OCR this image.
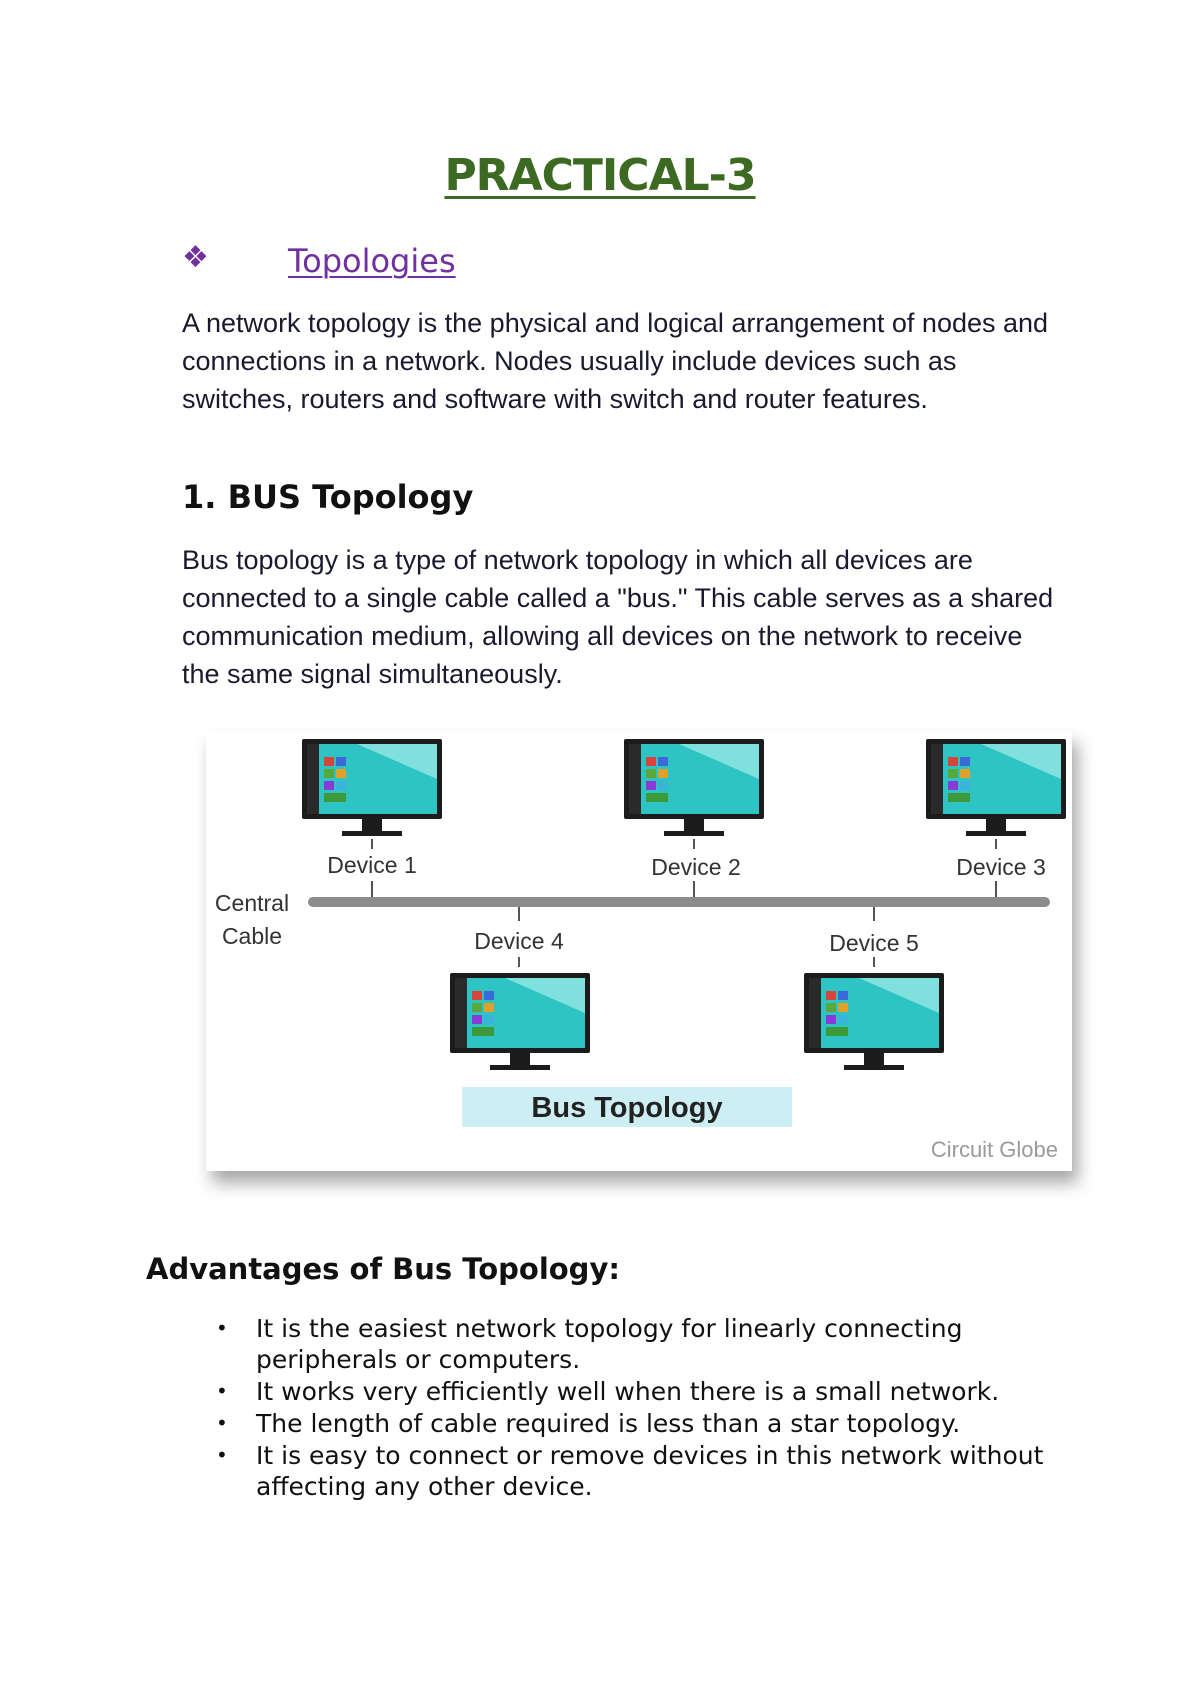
PRACTICAL-3
❖ Topologies

A network topology is the physical and logical arrangement of nodes and connections in a network. Nodes usually include devices such as switches, routers and software with switch and router features.

1. BUS Topology

Bus topology is a type of network topology in which all devices are connected to a single cable called a "bus." This cable serves as a shared communication medium, allowing all devices on the network to receive the same signal simultaneously.

Device 1	Device 2	Device 3
Central
Cable	Device 4	Device 5
Bus Topology
Circuit Globe
Advantages of Bus Topology:
• It is the easiest network topology for linearly connecting peripherals or computers.
• It works very efficiently well when there is a small network.
• The length of cable required is less than a star topology.
• It is easy to connect or remove devices in this network without affecting any other device.
